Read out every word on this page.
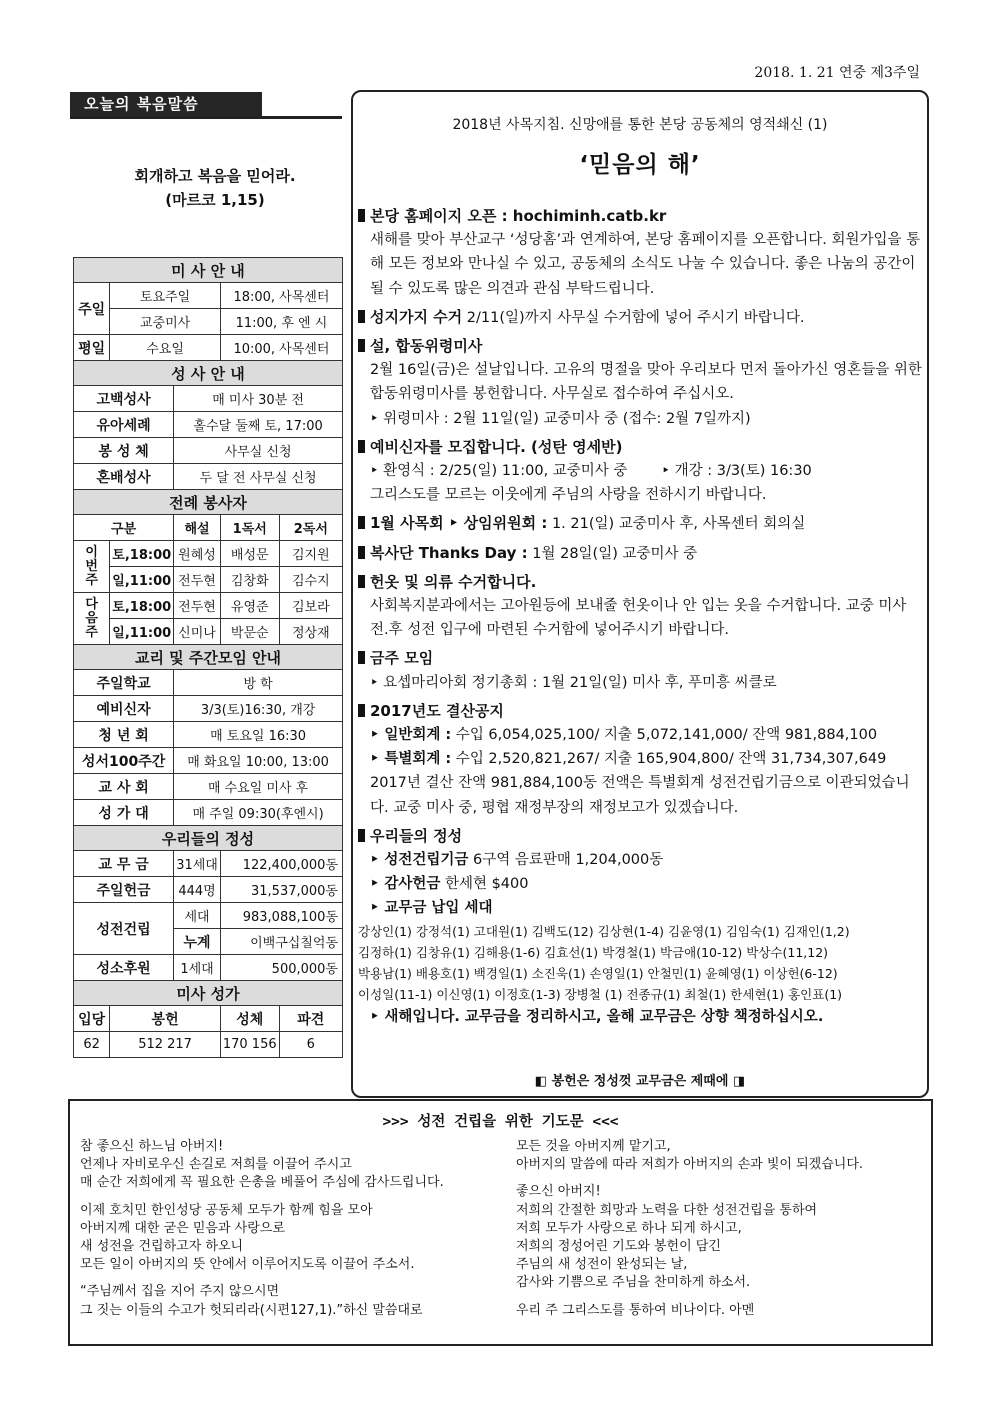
2018. 1. 21 연중 제3주일
오늘의 복음말씀
회개하고 복음을 믿어라.
(마르코 1,15)
미 사 안 내				
주일	토요주일		18:00, 사목센터	
	교중미사		11:00, 후 엔 시	
평일	수요일		10:00, 사목센터	
성 사 안 내				
고백성사		매 미사 30분 전		
유아세례		홀수달 둘째 토, 17:00		
봉 성 체		사무실 신청		
혼배성사		두 달 전 사무실 신청		
전례 봉사자				
구분		해설	1독서	2독서
이번주	토,18:00	원혜성	배성문	김지원
	일,11:00	전두현	김창화	김수지
다음주	토,18:00	전두현	유영준	김보라
	일,11:00	신미나	박문순	정상재
교리 및 주간모임 안내				
주일학교		방 학		
예비신자		3/3(토)16:30, 개강		
청 년 회		매 토요일 16:30		
성서100주간		매 화요일 10:00, 13:00		
교 사 회		매 수요일 미사 후		
성 가 대		매 주일 09:30(후엔시)		
우리들의 정성				
교 무 금		31세대	122,400,000동	
주일헌금		444명	31,537,000동	
성전건립		세대	983,088,100동	
		누계	이백구십칠억동	
성소후원		1세대	500,000동	
미사 성가				
입당	봉헌		성체	파견
62	512 217		170 156	6
2018년 사목지침. 신망애를 통한 본당 공동체의 영적쇄신 (1)
‘믿음의 해’
본당 홈페이지 오픈 : hochiminh.catb.kr
새해를 맞아 부산교구 ‘성당홈’과 연계하여, 본당 홈페이지를 오픈합니다. 회원가입을 통해 모든 정보와 만나실 수 있고, 공동체의 소식도 나눌 수 있습니다. 좋은 나눔의 공간이 될 수 있도록 많은 의견과 관심 부탁드립니다.
성지가지 수거 2/11(일)까지 사무실 수거함에 넣어 주시기 바랍니다.
설, 합동위령미사
2월 16일(금)은 설날입니다. 고유의 명절을 맞아 우리보다 먼저 돌아가신 영혼들을 위한 합동위령미사를 봉헌합니다. 사무실로 접수하여 주십시오.
‣ 위령미사 : 2월 11일(일) 교중미사 중 (접수: 2월 7일까지)
예비신자를 모집합니다. (성탄 영세반)
‣ 환영식 : 2/25(일) 11:00, 교중미사 중 ‣ 개강 : 3/3(토) 16:30
그리스도를 모르는 이웃에게 주님의 사랑을 전하시기 바랍니다.
1월 사목회 ‣ 상임위원회 : 1. 21(일) 교중미사 후, 사목센터 회의실
복사단 Thanks Day : 1월 28일(일) 교중미사 중
헌옷 및 의류 수거합니다.
사회복지분과에서는 고아원등에 보내줄 헌옷이나 안 입는 옷을 수거합니다. 교중 미사 전.후 성전 입구에 마련된 수거함에 넣어주시기 바랍니다.
금주 모임
‣ 요셉마리아회 정기총회 : 1월 21일(일) 미사 후, 푸미흥 씨클로
2017년도 결산공지
‣ 일반회계 : 수입 6,054,025,100/ 지출 5,072,141,000/ 잔액 981,884,100
‣ 특별회계 : 수입 2,520,821,267/ 지출 165,904,800/ 잔액 31,734,307,649
2017년 결산 잔액 981,884,100동 전액은 특별회계 성전건립기금으로 이관되었습니다. 교중 미사 중, 평협 재정부장의 재정보고가 있겠습니다.
우리들의 정성
‣ 성전건립기금 6구역 음료판매 1,204,000동
‣ 감사헌금 한세현 $400
‣ 교무금 납입 세대
강상인(1) 강정석(1) 고대원(1) 김백도(12) 김상현(1-4) 김윤영(1) 김임숙(1) 김재인(1,2)
김정하(1) 김창유(1) 김해용(1-6) 김효선(1) 박경철(1) 박금애(10-12) 박상수(11,12)
박용남(1) 배용호(1) 백경일(1) 소진욱(1) 손영일(1) 안철민(1) 윤혜영(1) 이상헌(6-12)
이성일(11-1) 이신영(1) 이정호(1-3) 장병철 (1) 전종규(1) 최철(1) 한세현(1) 홍인표(1)
‣ 새해입니다. 교무금을 정리하시고, 올해 교무금은 상향 책정하십시오.
◧ 봉헌은 정성껏 교무금은 제때에 ◨
>>> 성전 건립을 위한 기도문 <<<
참 좋으신 하느님 아버지!
언제나 자비로우신 손길로 저희를 이끌어 주시고
매 순간 저희에게 꼭 필요한 은총을 베풀어 주심에 감사드립니다.
이제 호치민 한인성당 공동체 모두가 함께 힘을 모아
아버지께 대한 굳은 믿음과 사랑으로
새 성전을 건립하고자 하오니
모든 일이 아버지의 뜻 안에서 이루어지도록 이끌어 주소서.
“주님께서 집을 지어 주지 않으시면
그 짓는 이들의 수고가 헛되리라(시편127,1).”하신 말씀대로
모든 것을 아버지께 맡기고,
아버지의 말씀에 따라 저희가 아버지의 손과 빛이 되겠습니다.
좋으신 아버지!
저희의 간절한 희망과 노력을 다한 성전건립을 통하여
저희 모두가 사랑으로 하나 되게 하시고,
저희의 정성어린 기도와 봉헌이 담긴
주님의 새 성전이 완성되는 날,
감사와 기쁨으로 주님을 찬미하게 하소서.
우리 주 그리스도를 통하여 비나이다. 아멘
